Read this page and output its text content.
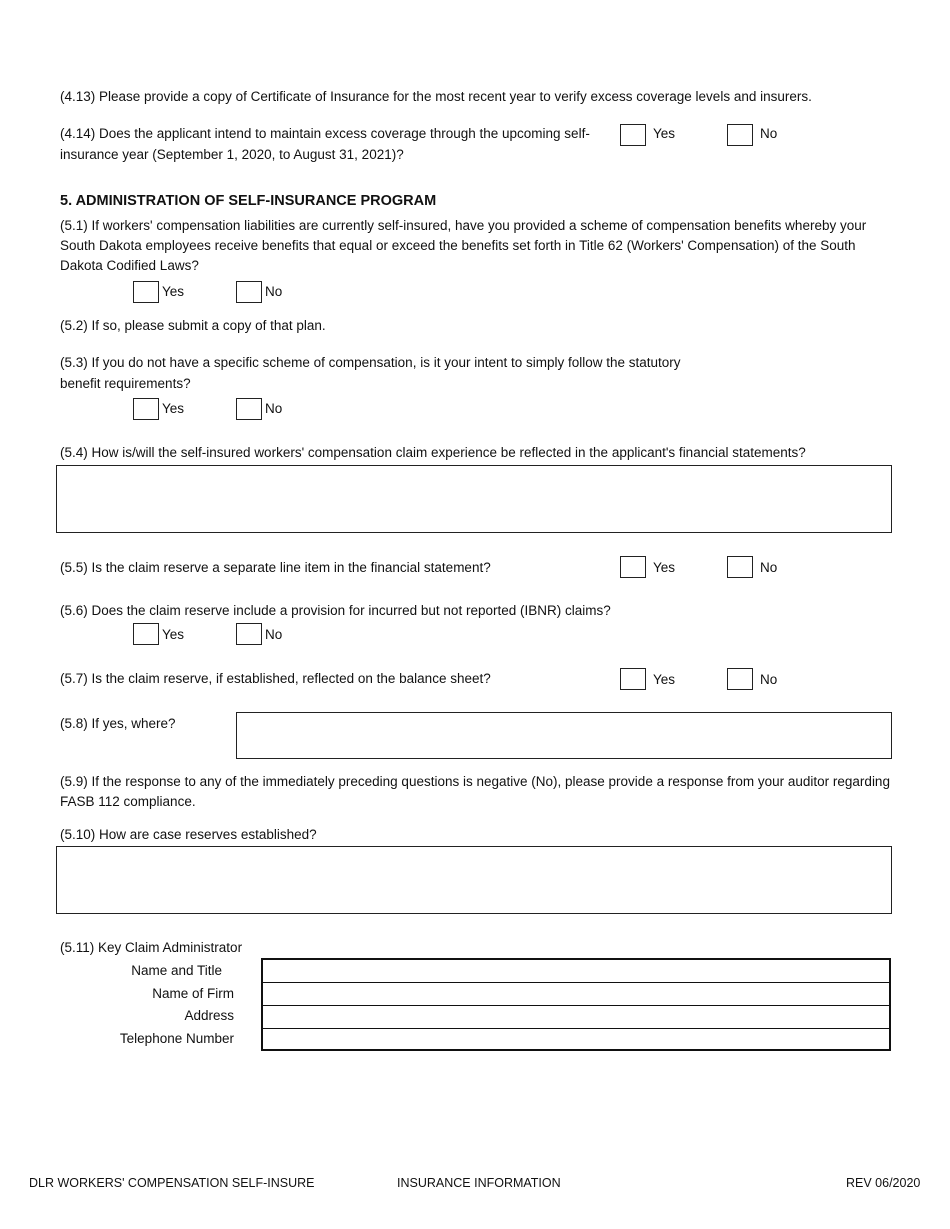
(4.13) Please provide a copy of Certificate of Insurance for the most recent year to verify excess coverage levels and insurers.
(4.14) Does the applicant intend to maintain excess coverage through the upcoming self-
insurance year (September 1, 2020, to August 31, 2021)?
Yes	No
5. ADMINISTRATION OF SELF-INSURANCE PROGRAM
(5.1) If workers' compensation liabilities are currently self-insured, have you provided a scheme of compensation benefits whereby your South Dakota employees receive benefits that equal or exceed the benefits set forth in Title 62 (Workers' Compensation) of the South Dakota Codified Laws?
Yes	No
(5.2) If so, please submit a copy of that plan.
(5.3) If you do not have a specific scheme of compensation, is it your intent to simply follow the statutory
benefit requirements?
Yes	No
(5.4) How is/will the self-insured workers' compensation claim experience be reflected in the applicant's financial statements?
(5.5) Is the claim reserve a separate line item in the financial statement?	Yes	No
(5.6) Does the claim reserve include a provision for incurred but not reported (IBNR) claims?
Yes	No
(5.7) Is the claim reserve, if established, reflected on the balance sheet?	Yes	No
(5.8) If yes, where?
(5.9) If the response to any of the immediately preceding questions is negative (No), please provide a response from your auditor regarding FASB 112 compliance.
(5.10) How are case reserves established?
(5.11) Key Claim Administrator
Name and Title
Name of Firm
Address
Telephone Number
DLR WORKERS' COMPENSATION SELF-INSURE	INSURANCE INFORMATION	REV 06/2020
